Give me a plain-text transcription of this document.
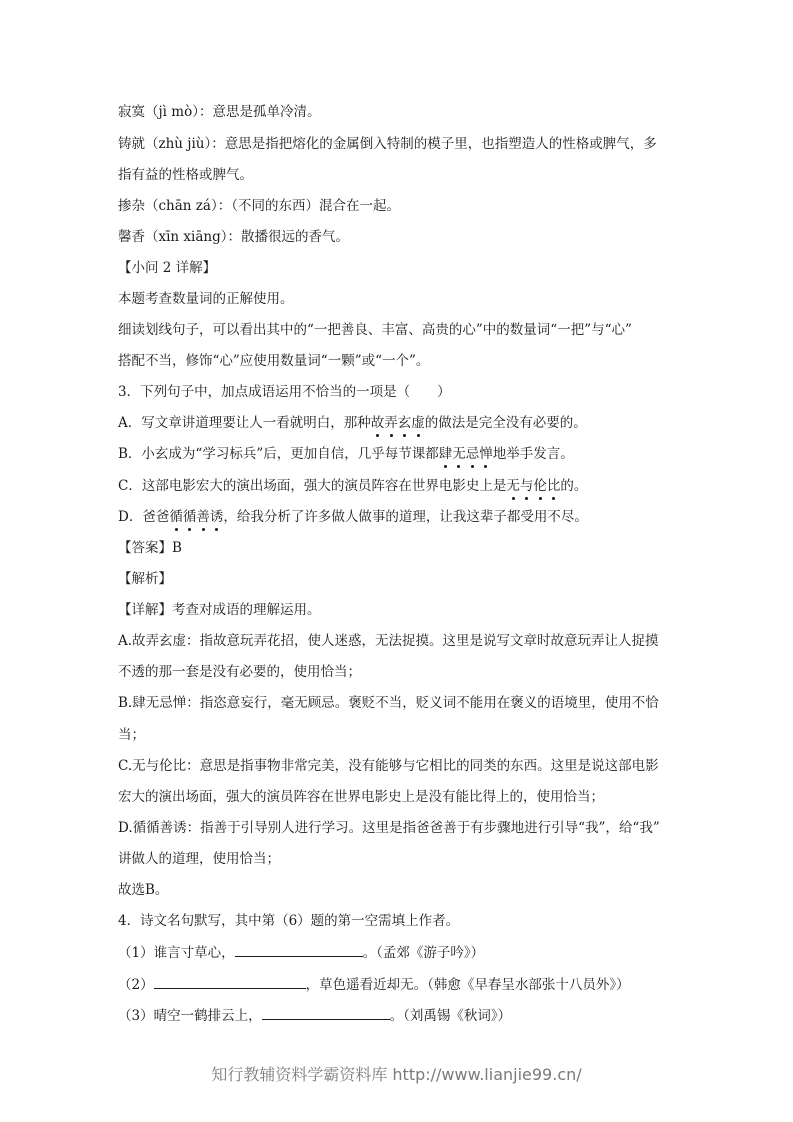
寂寞（jì mò）：意思是孤单冷清。
铸就（zhù jiù）：意思是指把熔化的金属倒入特制的模子里，也指塑造人的性格或脾气，多
指有益的性格或脾气。
掺杂（chān zá）：（不同的东西）混合在一起。
馨香（xīn xiāng）：散播很远的香气。
【小问 2 详解】
本题考查数量词的正解使用。
细读划线句子，可以看出其中的“一把善良、丰富、高贵的心”中的数量词“一把”与“心”
搭配不当，修饰“心”应使用数量词“一颗”或“一个”。
3．下列句子中，加点成语运用不恰当的一项是（　　）
A．写文章讲道理要让人一看就明白，那种故弄玄虚的做法是完全没有必要的。
B．小玄成为“学习标兵”后，更加自信，几乎每节课都肆无忌惮地举手发言。
C．这部电影宏大的演出场面，强大的演员阵容在世界电影史上是无与伦比的。
D．爸爸循循善诱，给我分析了许多做人做事的道理，让我这辈子都受用不尽。
【答案】B
【解析】
【详解】考查对成语的理解运用。
A.故弄玄虚：指故意玩弄花招，使人迷惑，无法捉摸。这里是说写文章时故意玩弄让人捉摸
不透的那一套是没有必要的，使用恰当；
B.肆无忌惮：指恣意妄行，毫无顾忌。褒贬不当，贬义词不能用在褒义的语境里，使用不恰
当；
C.无与伦比：意思是指事物非常完美，没有能够与它相比的同类的东西。这里是说这部电影
宏大的演出场面，强大的演员阵容在世界电影史上是没有能比得上的，使用恰当；
D.循循善诱：指善于引导别人进行学习。这里是指爸爸善于有步骤地进行引导“我”，给“我”
讲做人的道理，使用恰当；
故选B。
4．诗文名句默写，其中第（6）题的第一空需填上作者。
（1）谁言寸草心，	。（孟郊《游子吟》）
（2）	，草色遥看近却无。（韩愈《早春呈水部张十八员外》）
（3）晴空一鹤排云上，	。（刘禹锡《秋词》）
知行教辅资料学霸资料库 http://www.lianjie99.cn/
